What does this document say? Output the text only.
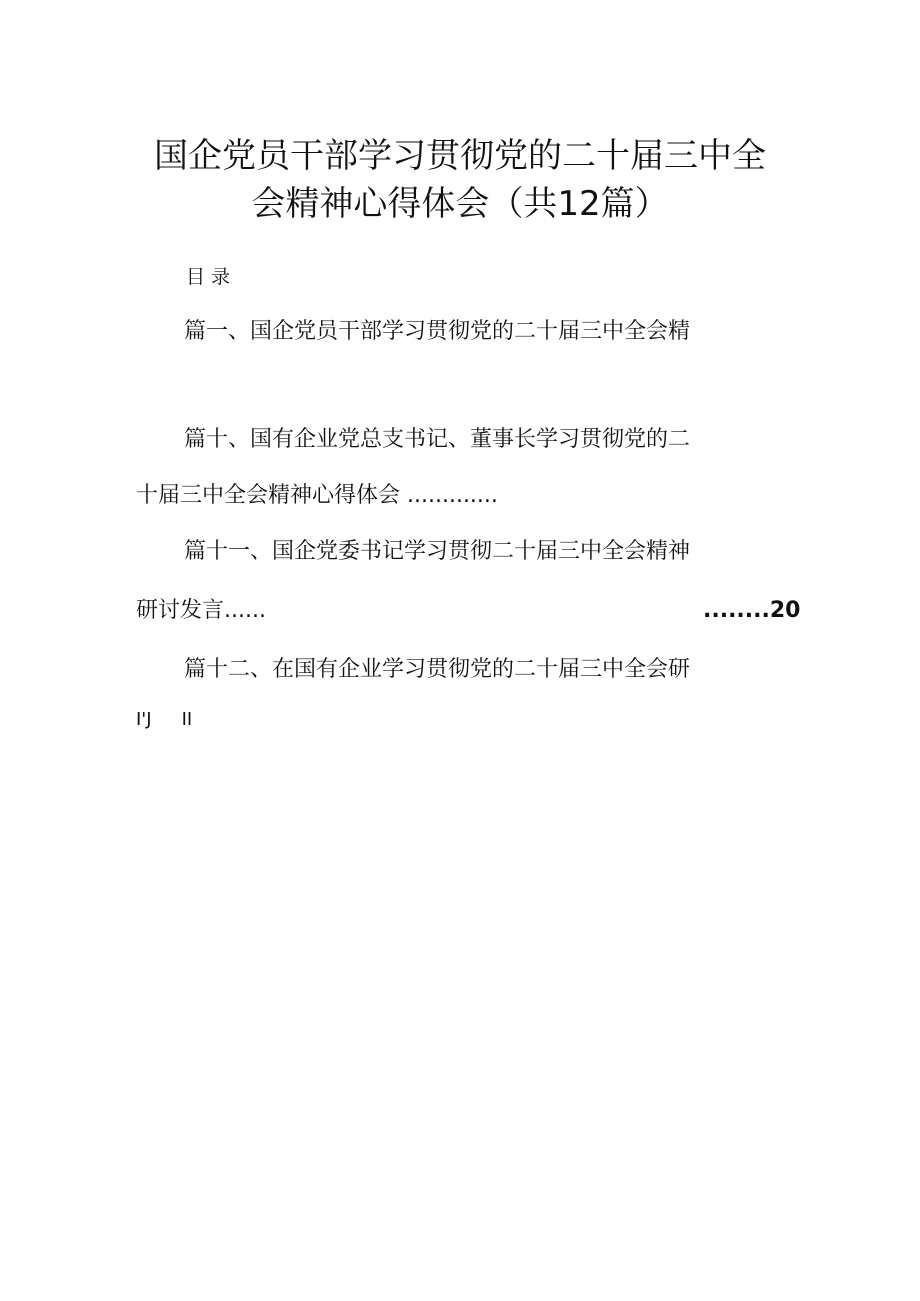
国企党员干部学习贯彻党的二十届三中全
会精神心得体会（共12篇）
目录
篇一、国企党员干部学习贯彻党的二十届三中全会精
篇十、国有企业党总支书记、董事长学习贯彻党的二
十届三中全会精神心得体会 .............
篇十一、国企党委书记学习贯彻二十届三中全会精神
研讨发言......	........20
篇十二、在国有企业学习贯彻党的二十届三中全会研
I'J II
